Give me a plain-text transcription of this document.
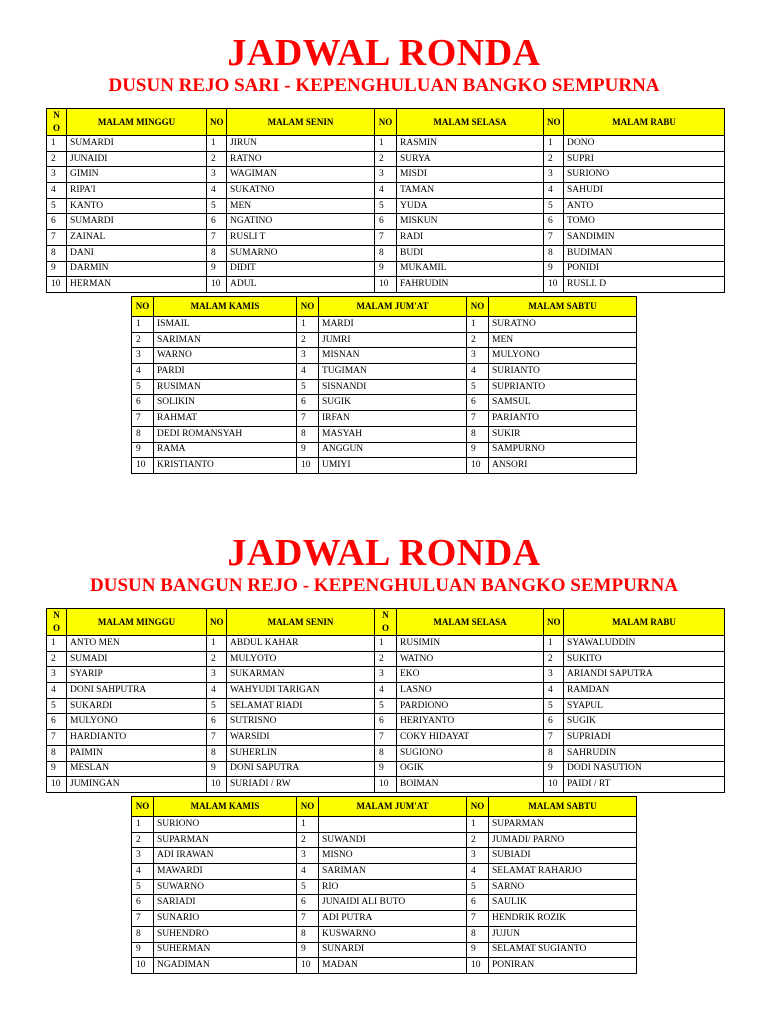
JADWAL RONDA
DUSUN REJO SARI - KEPENGHULUAN BANGKO SEMPURNA
N O	MALAM MINGGU	NO	MALAM SENIN	NO	MALAM SELASA	NO	MALAM RABU
1	SUMARDI	1	JIRUN	1	RASMIN	1	DONO
2	JUNAIDI	2	RATNO	2	SURYA	2	SUPRI
3	GIMIN	3	WAGIMAN	3	MISDI	3	SURIONO
4	RIPA'I	4	SUKATNO	4	TAMAN	4	SAHUDI
5	KANTO	5	MEN	5	YUDA	5	ANTO
6	SUMARDI	6	NGATINO	6	MISKUN	6	TOMO
7	ZAINAL	7	RUSLI T	7	RADI	7	SANDIMIN
8	DANI	8	SUMARNO	8	BUDI	8	BUDIMAN
9	DARMIN	9	DIDIT	9	MUKAMIL	9	PONIDI
10	HERMAN	10	ADUL	10	FAHRUDIN	10	RUSLI. D
NO	MALAM KAMIS	NO	MALAM JUM'AT	NO	MALAM SABTU
1	ISMAIL	1	MARDI	1	SURATNO
2	SARIMAN	2	JUMRI	2	MEN
3	WARNO	3	MISNAN	3	MULYONO
4	PARDI	4	TUGIMAN	4	SURIANTO
5	RUSIMAN	5	SISNANDI	5	SUPRIANTO
6	SOLIKIN	6	SUGIK	6	SAMSUL
7	RAHMAT	7	IRFAN	7	PARIANTO
8	DEDI ROMANSYAH	8	MASYAH	8	SUKIR
9	RAMA	9	ANGGUN	9	SAMPURNO
10	KRISTIANTO	10	UMIYI	10	ANSORI
JADWAL RONDA
DUSUN BANGUN REJO - KEPENGHULUAN BANGKO SEMPURNA
N O	MALAM MINGGU	NO	MALAM SENIN	N O	MALAM SELASA	NO	MALAM RABU
1	ANTO MEN	1	ABDUL KAHAR	1	RUSIMIN	1	SYAWALUDDIN
2	SUMADI	2	MULYOTO	2	WATNO	2	SUKITO
3	SYARIP	3	SUKARMAN	3	EKO	3	ARIANDI SAPUTRA
4	DONI SAHPUTRA	4	WAHYUDI TARIGAN	4	LASNO	4	RAMDAN
5	SUKARDI	5	SELAMAT RIADI	5	PARDIONO	5	SYAPUL
6	MULYONO	6	SUTRISNO	6	HERIYANTO	6	SUGIK
7	HARDIANTO	7	WARSIDI	7	COKY HIDAYAT	7	SUPRIADI
8	PAIMIN	8	SUHERLIN	8	SUGIONO	8	SAHRUDIN
9	MESLAN	9	DONI SAPUTRA	9	OGIK	9	DODI NASUTION
10	JUMINGAN	10	SURIADI / RW	10	BOIMAN	10	PAIDI / RT
NO	MALAM KAMIS	NO	MALAM JUM'AT	NO	MALAM SABTU
1	SURIONO	1		1	SUPARMAN
2	SUPARMAN	2	SUWANDI	2	JUMADI/ PARNO
3	ADI IRAWAN	3	MISNO	3	SUBIADI
4	MAWARDI	4	SARIMAN	4	SELAMAT RAHARJO
5	SUWARNO	5	RIO	5	SARNO
6	SARIADI	6	JUNAIDI ALI BUTO	6	SAULIK
7	SUNARIO	7	ADI PUTRA	7	HENDRIK ROZIK
8	SUHENDRO	8	KUSWARNO	8	JUJUN
9	SUHERMAN	9	SUNARDI	9	SELAMAT SUGIANTO
10	NGADIMAN	10	MADAN	10	PONIRAN
